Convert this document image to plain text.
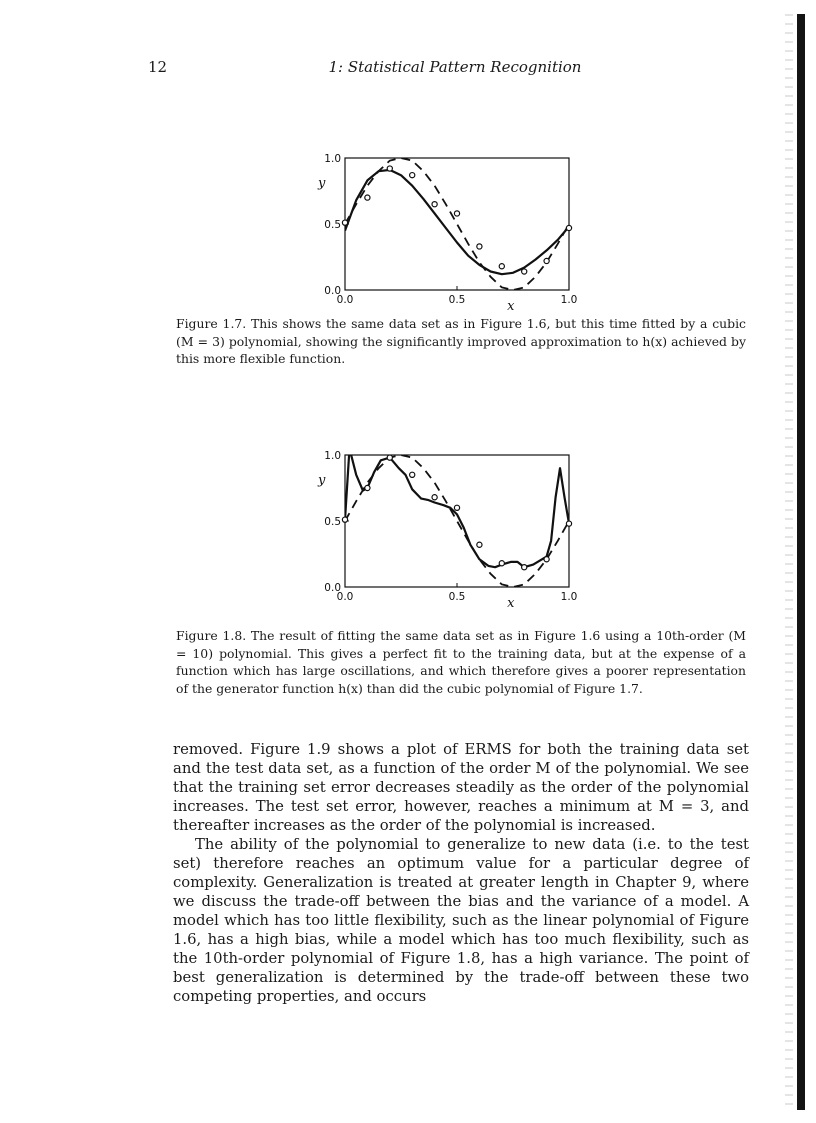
12	1: Statistical Pattern Recognition
1.0
0.5
0.0
0.0	0.5	1.0
y
x
Figure 1.7. This shows the same data set as in Figure 1.6, but this time fitted by a cubic (M = 3) polynomial, showing the significantly improved approximation to h(x) achieved by this more flexible function.
1.0
0.5
0.0
0.0	0.5	1.0
y
x
Figure 1.8. The result of fitting the same data set as in Figure 1.6 using a 10th-order (M = 10) polynomial. This gives a perfect fit to the training data, but at the expense of a function which has large oscillations, and which therefore gives a poorer representation of the generator function h(x) than did the cubic polynomial of Figure 1.7.

removed. Figure 1.9 shows a plot of ERMS for both the training data set and the test data set, as a function of the order M of the polynomial. We see that the training set error decreases steadily as the order of the polynomial increases. The test set error, however, reaches a minimum at M = 3, and thereafter increases as the order of the polynomial is increased.

The ability of the polynomial to generalize to new data (i.e. to the test set) therefore reaches an optimum value for a particular degree of complexity. Generalization is treated at greater length in Chapter 9, where we discuss the trade-off between the bias and the variance of a model. A model which has too little flexibility, such as the linear polynomial of Figure 1.6, has a high bias, while a model which has too much flexibility, such as the 10th-order polynomial of Figure 1.8, has a high variance. The point of best generalization is determined by the trade-off between these two competing properties, and occurs
